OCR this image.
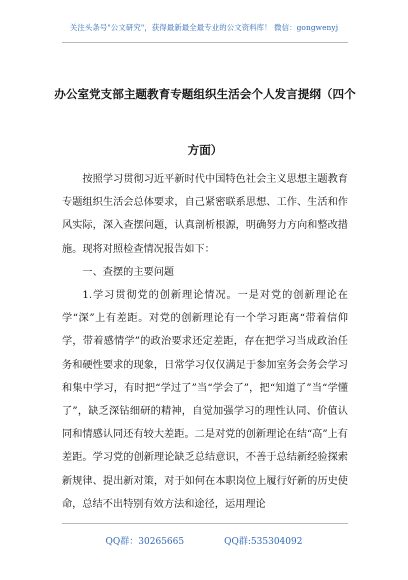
关注头条号"公文研究"，获得最新最全最专业的公文资料库！ 微信：gongwenyj
办公室党支部主题教育专题组织生活会个人发言提纲（四个方面）

按照学习贯彻习近平新时代中国特色社会主义思想主题教育专题组织生活会总体要求，自己紧密联系思想、工作、生活和作风实际，深入查摆问题，认真剖析根源，明确努力方向和整改措施。现将对照检查情况报告如下：

一、查摆的主要问题

1.学习贯彻党的创新理论情况。一是对党的创新理论在学“深”上有差距。对党的创新理论有一个学习距离“带着信仰学，带着感情学”的政治要求还定差距，存在把学习当成政治任务和硬性要求的现象，日常学习仅仅满足于参加室务会务会学习和集中学习，有时把“学过了”当“学会了”，把“知道了”当“学懂了”，缺乏深钻细研的精神，自觉加强学习的理性认同、价值认同和情感认同还有较大差距。二是对党的创新理论在结“高”上有差距。学习党的创新理论缺乏总结意识，不善于总结新经验探索新规律、提出新对策，对于如何在本职岗位上履行好新的历史使命，总结不出特别有效方法和途径，运用理论

QQ群：30265665	QQ群:535304092
